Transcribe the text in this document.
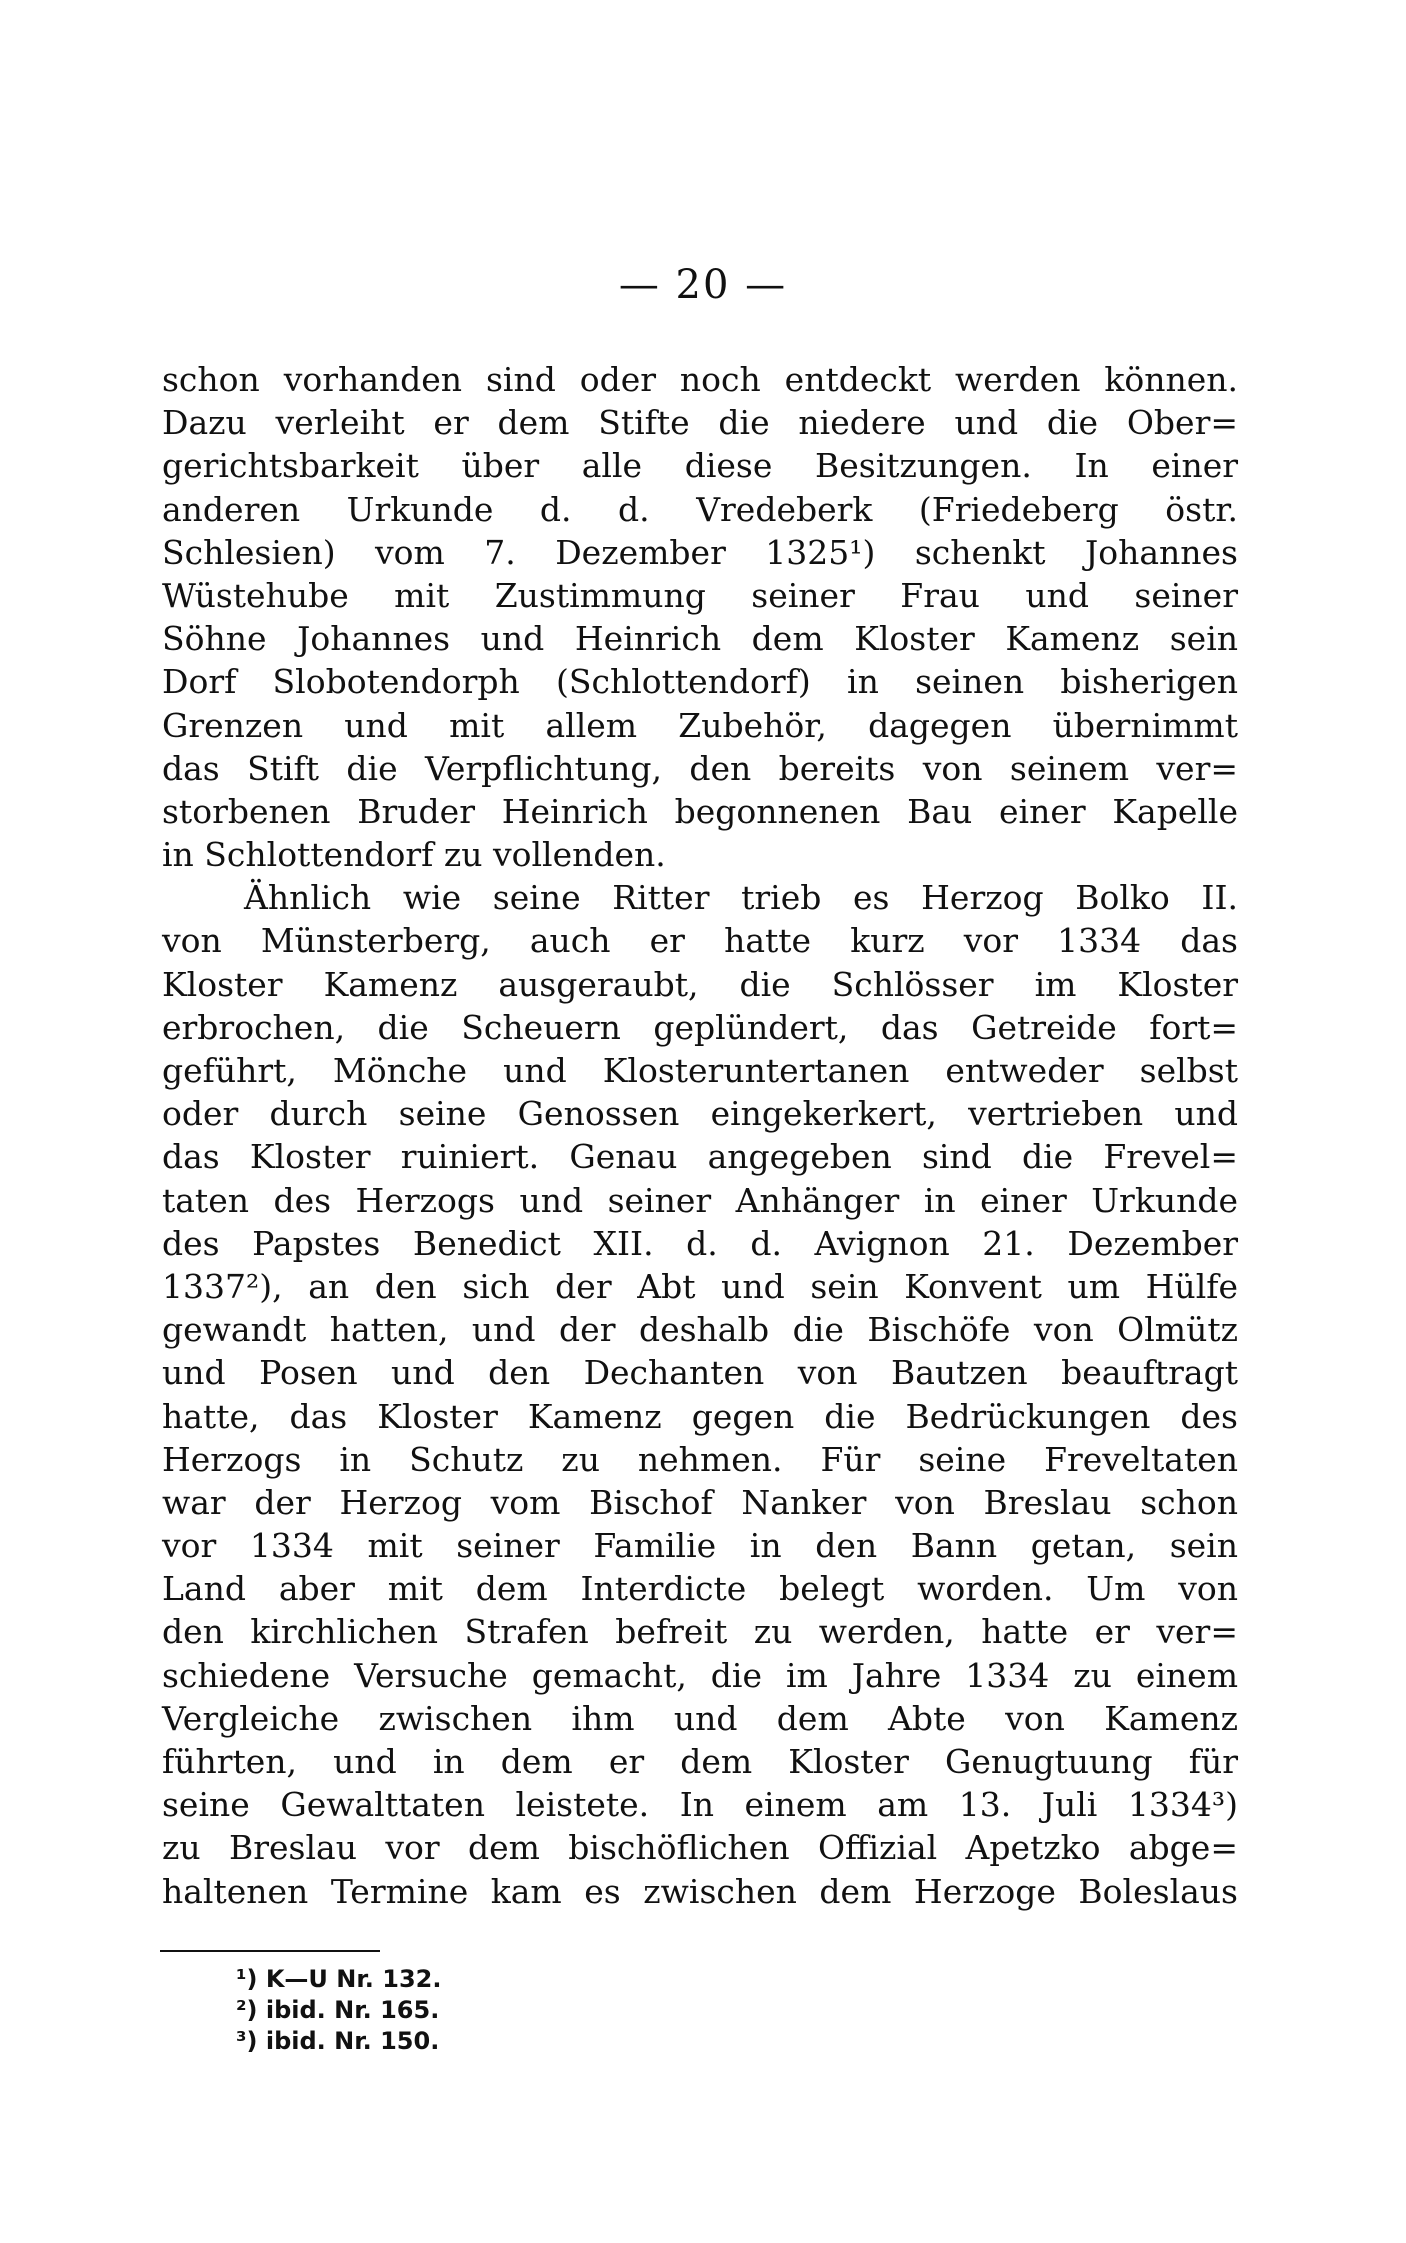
— 20 —
schon vorhanden sind oder noch entdeckt werden können.
Dazu verleiht er dem Stifte die niedere und die Ober=
gerichtsbarkeit über alle diese Besitzungen. In einer
anderen Urkunde d. d. Vredeberk (Friedeberg östr.
Schlesien) vom 7. Dezember 1325¹) schenkt Johannes
Wüstehube mit Zustimmung seiner Frau und seiner
Söhne Johannes und Heinrich dem Kloster Kamenz sein
Dorf Slobotendorph (Schlottendorf) in seinen bisherigen
Grenzen und mit allem Zubehör, dagegen übernimmt
das Stift die Verpflichtung, den bereits von seinem ver=
storbenen Bruder Heinrich begonnenen Bau einer Kapelle
in Schlottendorf zu vollenden.
Ähnlich wie seine Ritter trieb es Herzog Bolko II.
von Münsterberg, auch er hatte kurz vor 1334 das
Kloster Kamenz ausgeraubt, die Schlösser im Kloster
erbrochen, die Scheuern geplündert, das Getreide fort=
geführt, Mönche und Klosteruntertanen entweder selbst
oder durch seine Genossen eingekerkert, vertrieben und
das Kloster ruiniert. Genau angegeben sind die Frevel=
taten des Herzogs und seiner Anhänger in einer Urkunde
des Papstes Benedict XII. d. d. Avignon 21. Dezember
1337²), an den sich der Abt und sein Konvent um Hülfe
gewandt hatten, und der deshalb die Bischöfe von Olmütz
und Posen und den Dechanten von Bautzen beauftragt
hatte, das Kloster Kamenz gegen die Bedrückungen des
Herzogs in Schutz zu nehmen. Für seine Freveltaten
war der Herzog vom Bischof Nanker von Breslau schon
vor 1334 mit seiner Familie in den Bann getan, sein
Land aber mit dem Interdicte belegt worden. Um von
den kirchlichen Strafen befreit zu werden, hatte er ver=
schiedene Versuche gemacht, die im Jahre 1334 zu einem
Vergleiche zwischen ihm und dem Abte von Kamenz
führten, und in dem er dem Kloster Genugtuung für
seine Gewalttaten leistete. In einem am 13. Juli 1334³)
zu Breslau vor dem bischöflichen Offizial Apetzko abge=
haltenen Termine kam es zwischen dem Herzoge Boleslaus
¹) K—U Nr. 132.
²) ibid. Nr. 165.
³) ibid. Nr. 150.
